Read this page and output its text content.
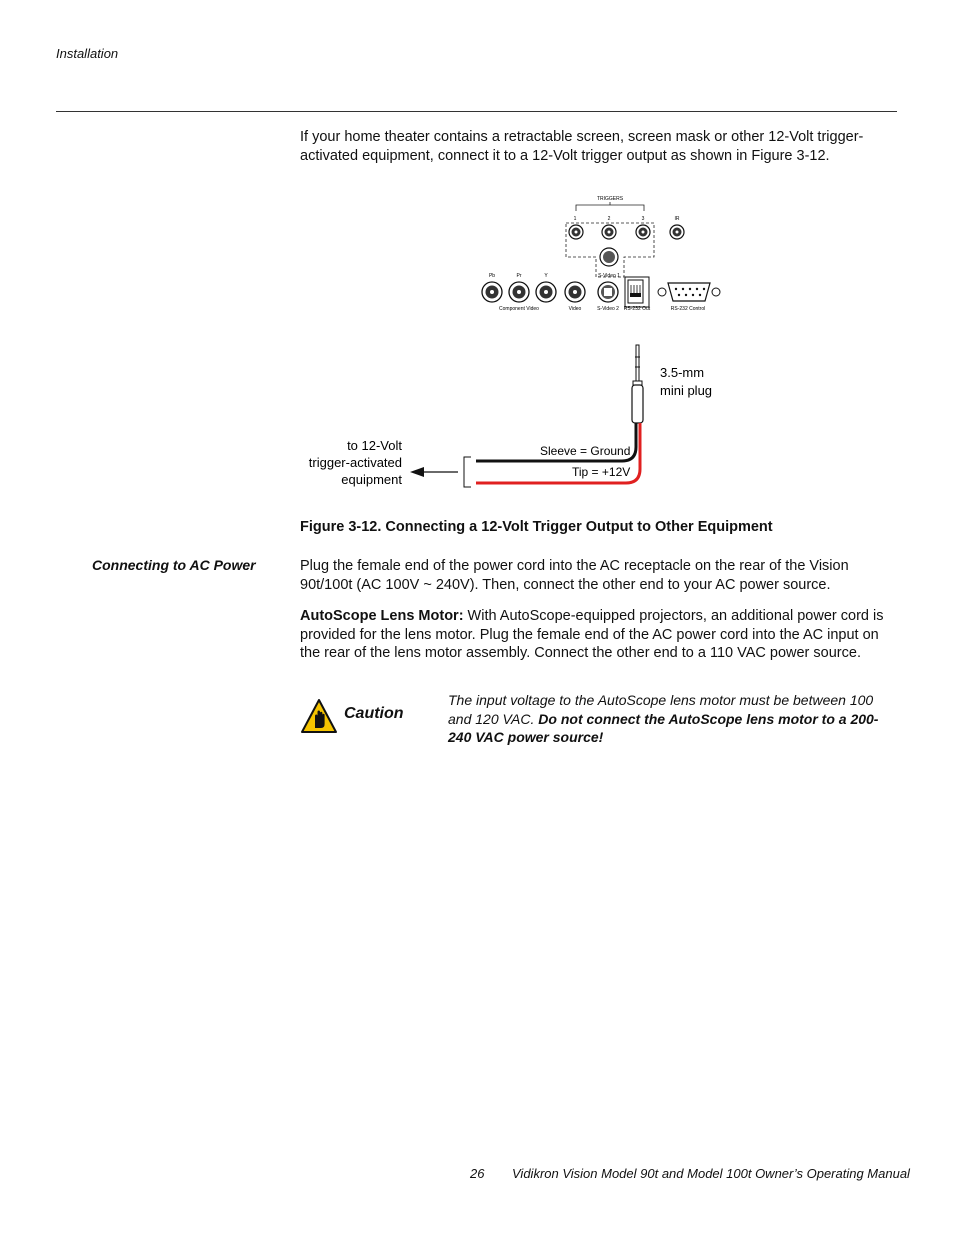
Installation
If your home theater contains a retractable screen, screen mask or other 12-Volt trigger-activated equipment, connect it to a 12-Volt trigger output as shown in Figure 3-12.
TRIGGERS
1	2	3	IR
S-Video 1
Pb	Pr	Y
Component Video	Video	S-Video 2 RS-232 Out	RS-232 Control
3.5-mm
mini plug
Sleeve = Ground
Tip = +12V
to 12-Volt
trigger-activated
equipment
Figure 3-12. Connecting a 12-Volt Trigger Output to Other Equipment
Connecting to AC Power	Plug the female end of the power cord into the AC receptacle on the rear of the Vision 90t/100t (AC 100V ~ 240V). Then, connect the other end to your AC power source.
AutoScope Lens Motor: With AutoScope-equipped projectors, an additional power cord is provided for the lens motor. Plug the female end of the AC power cord into the AC input on the rear of the lens motor assembly. Connect the other end to a 110 VAC power source.
Caution
The input voltage to the AutoScope lens motor must be between 100 and 120 VAC. Do not connect the AutoScope lens motor to a 200-240 VAC power source!
26 Vidikron Vision Model 90t and Model 100t Owner’s Operating Manual
